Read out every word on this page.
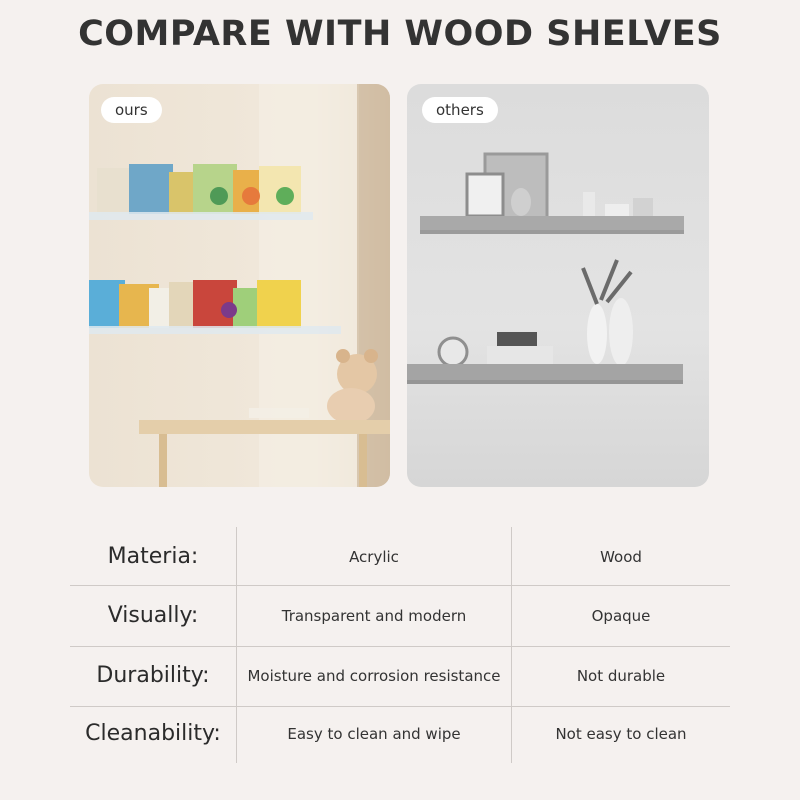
COMPARE WITH WOOD SHELVES
ours	others
Materia:	Acrylic	Wood
Visually:	Transparent and modern	Opaque
Durability:	Moisture and corrosion resistance	Not durable
Cleanability:	Easy to clean and wipe	Not easy to clean
